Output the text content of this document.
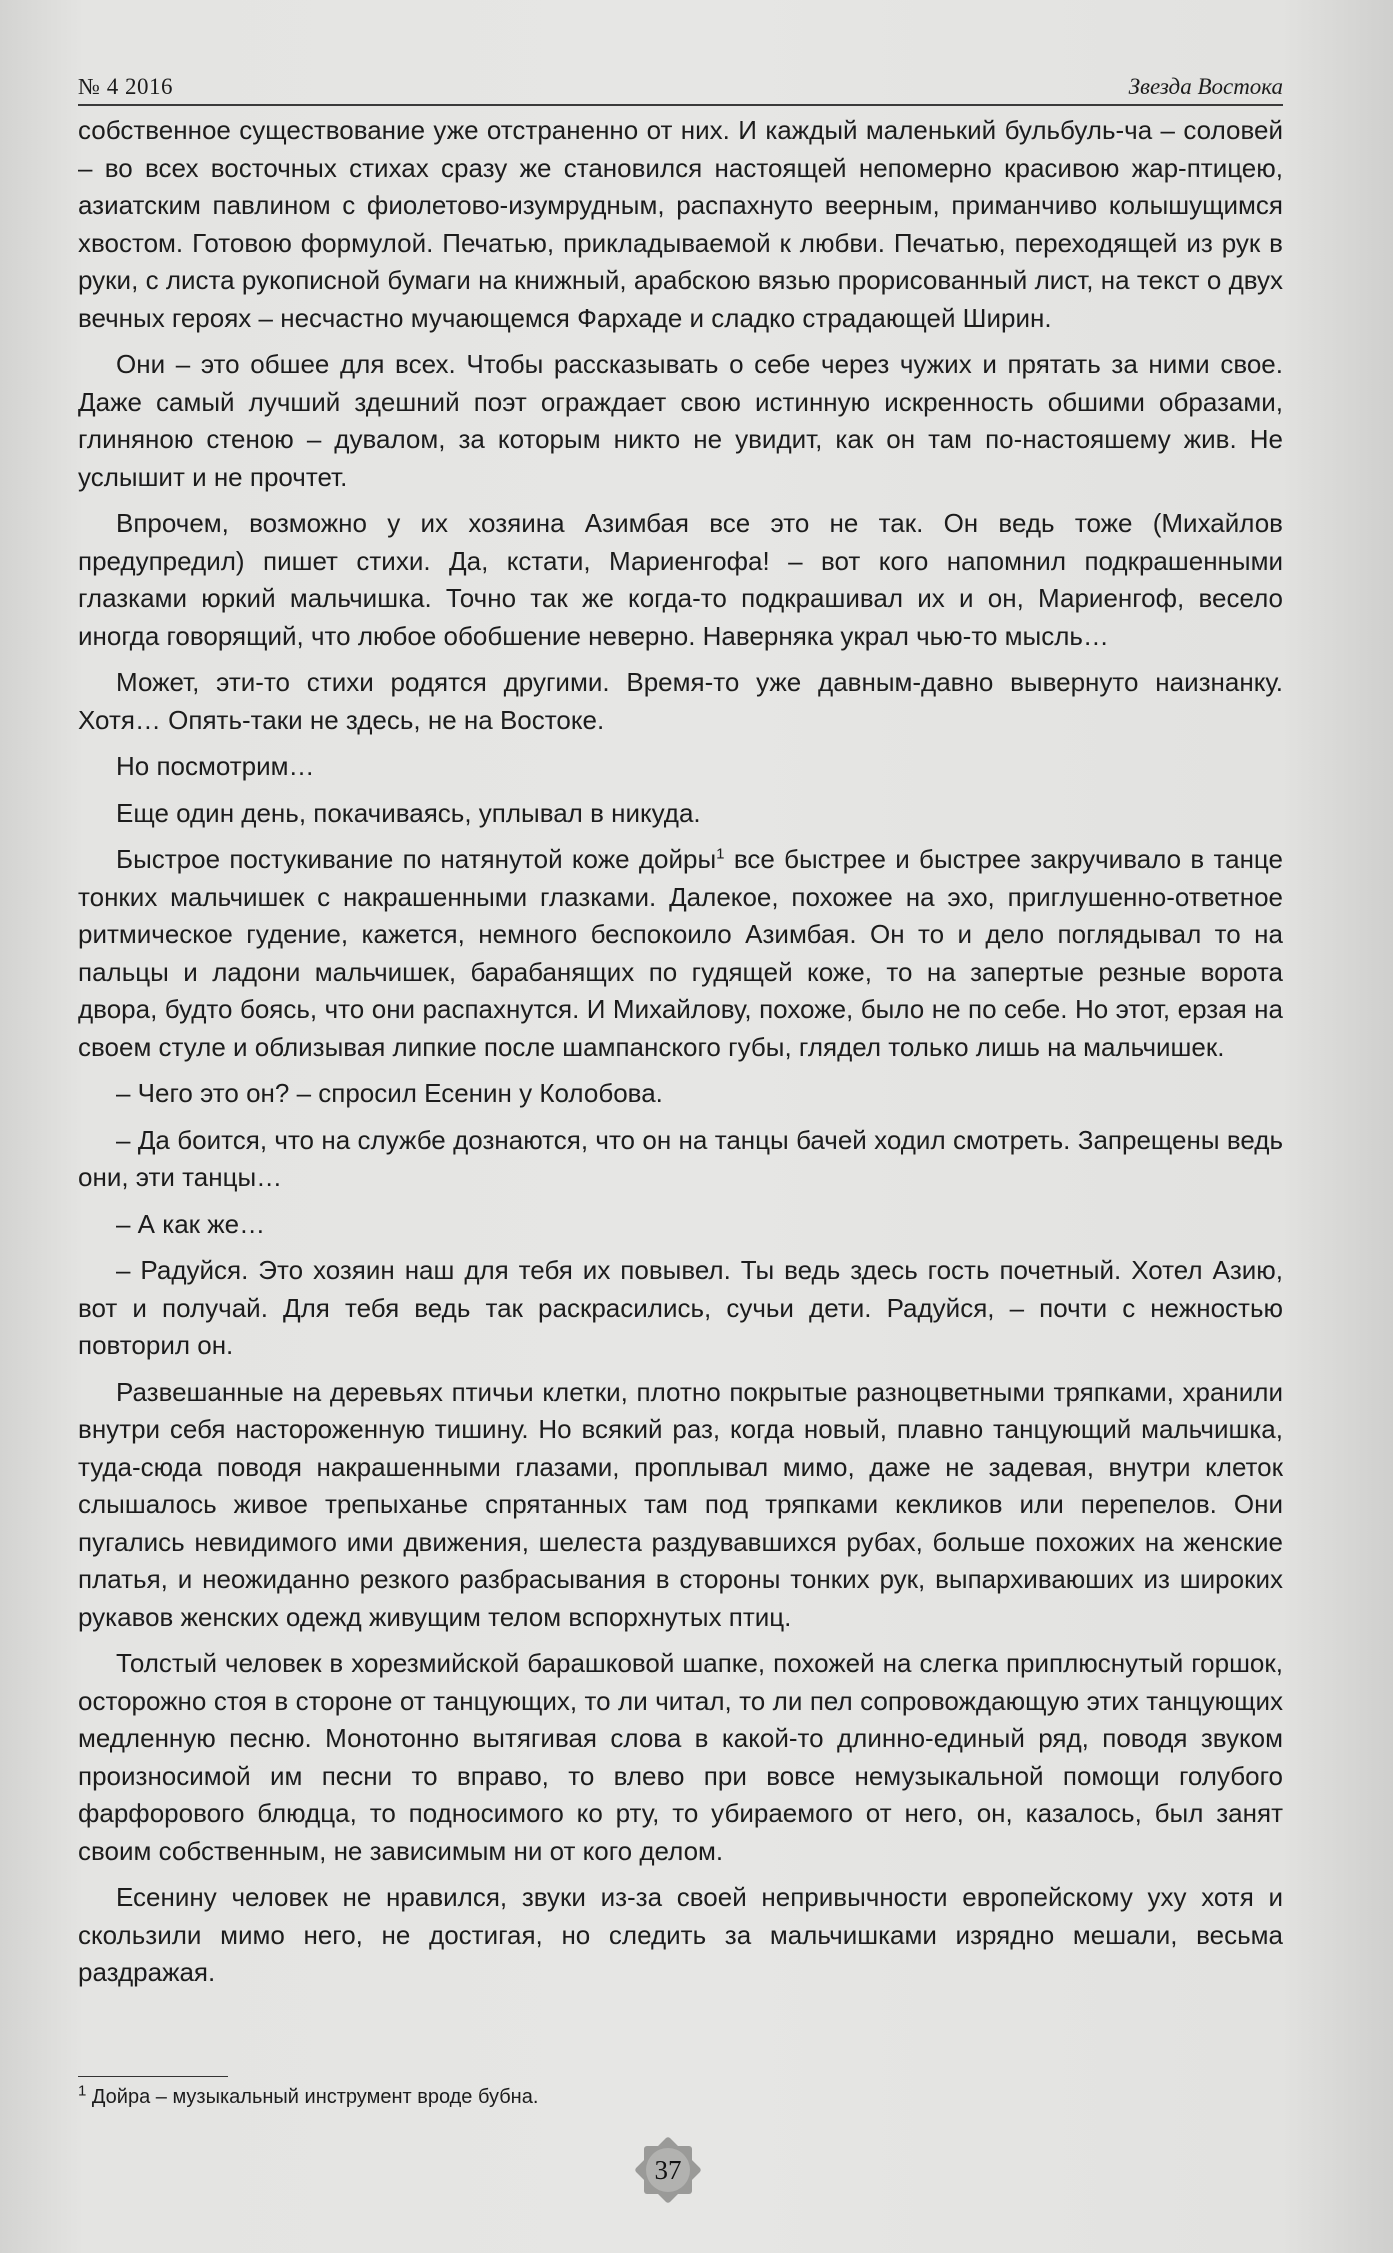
№ 4 2016	Звезда Востока

собственное существование уже отстраненно от них. И каждый маленький бульбуль-ча – соловей – во всех восточных стихах сразу же становился настоящей непомерно красивою жар-птицею, азиатским павлином с фиолетово-изумрудным, распахнуто веерным, приманчиво колышущимся хвостом. Готовою формулой. Печатью, прикладываемой к любви. Печатью, переходящей из рук в руки, с листа рукописной бумаги на книжный, арабскою вязью прорисованный лист, на текст о двух вечных героях – несчастно мучающемся Фархаде и сладко страдающей Ширин.

Они – это обшее для всех. Чтобы рассказывать о себе через чужих и прятать за ними свое. Даже самый лучший здешний поэт ограждает свою истинную искренность обшими образами, глиняною стеною – дувалом, за которым никто не увидит, как он там по-настояшему жив. Не услышит и не прочтет.

Впрочем, возможно у их хозяина Азимбая все это не так. Он ведь тоже (Михайлов предупредил) пишет стихи. Да, кстати, Мариенгофа! – вот кого напомнил подкрашенными глазками юркий мальчишка. Точно так же когда-то подкрашивал их и он, Мариенгоф, весело иногда говорящий, что любое обобшение неверно. Наверняка украл чью-то мысль…

Может, эти-то стихи родятся другими. Время-то уже давным-давно вывернуто наизнанку. Хотя… Опять-таки не здесь, не на Востоке.

Но посмотрим…

Еще один день, покачиваясь, уплывал в никуда.

Быстрое постукивание по натянутой коже дойры$^1$ все быстрее и быстрее закручивало в танце тонких мальчишек с накрашенными глазками. Далекое, похожее на эхо, приглушенно-ответное ритмическое гудение, кажется, немного беспокоило Азимбая. Он то и дело поглядывал то на пальцы и ладони мальчишек, барабанящих по гудящей коже, то на запертые резные ворота двора, будто боясь, что они распахнутся. И Михайлову, похоже, было не по себе. Но этот, ерзая на своем стуле и облизывая липкие после шампанского губы, глядел только лишь на мальчишек.

– Чего это он? – спросил Есенин у Колобова.

– Да боится, что на службе дознаются, что он на танцы бачей ходил смотреть. Запрещены ведь они, эти танцы…

– А как же…

– Радуйся. Это хозяин наш для тебя их повывел. Ты ведь здесь гость почетный. Хотел Азию, вот и получай. Для тебя ведь так раскрасились, сучьи дети. Радуйся, – почти с нежностью повторил он.

Развешанные на деревьях птичьи клетки, плотно покрытые разноцветными тряпками, хранили внутри себя настороженную тишину. Но всякий раз, когда новый, плавно танцующий мальчишка, туда-сюда поводя накрашенными глазами, проплывал мимо, даже не задевая, внутри клеток слышалось живое трепыханье спрятанных там под тряпками кекликов или перепелов. Они пугались невидимого ими движения, шелеста раздувавшихся рубах, больше похожих на женские платья, и неожиданно резкого разбрасывания в стороны тонких рук, выпархиваюших из широких рукавов женских одежд живущим телом вспорхнутых птиц.

Толстый человек в хорезмийской барашковой шапке, похожей на слегка приплюснутый горшок, осторожно стоя в стороне от танцующих, то ли читал, то ли пел сопровождающую этих танцующих медленную песню. Монотонно вытягивая слова в какой-то длинно-единый ряд, поводя звуком произносимой им песни то вправо, то влево при вовсе немузыкальной помощи голубого фарфорового блюдца, то подносимого ко рту, то убираемого от него, он, казалось, был занят своим собственным, не зависимым ни от кого делом.

Есенину человек не нравился, звуки из-за своей непривычности европейскому уху хотя и скользили мимо него, не достигая, но следить за мальчишками изрядно мешали, весьма раздражая.

$^1$ Дойра – музыкальный инструмент вроде бубна.
37
